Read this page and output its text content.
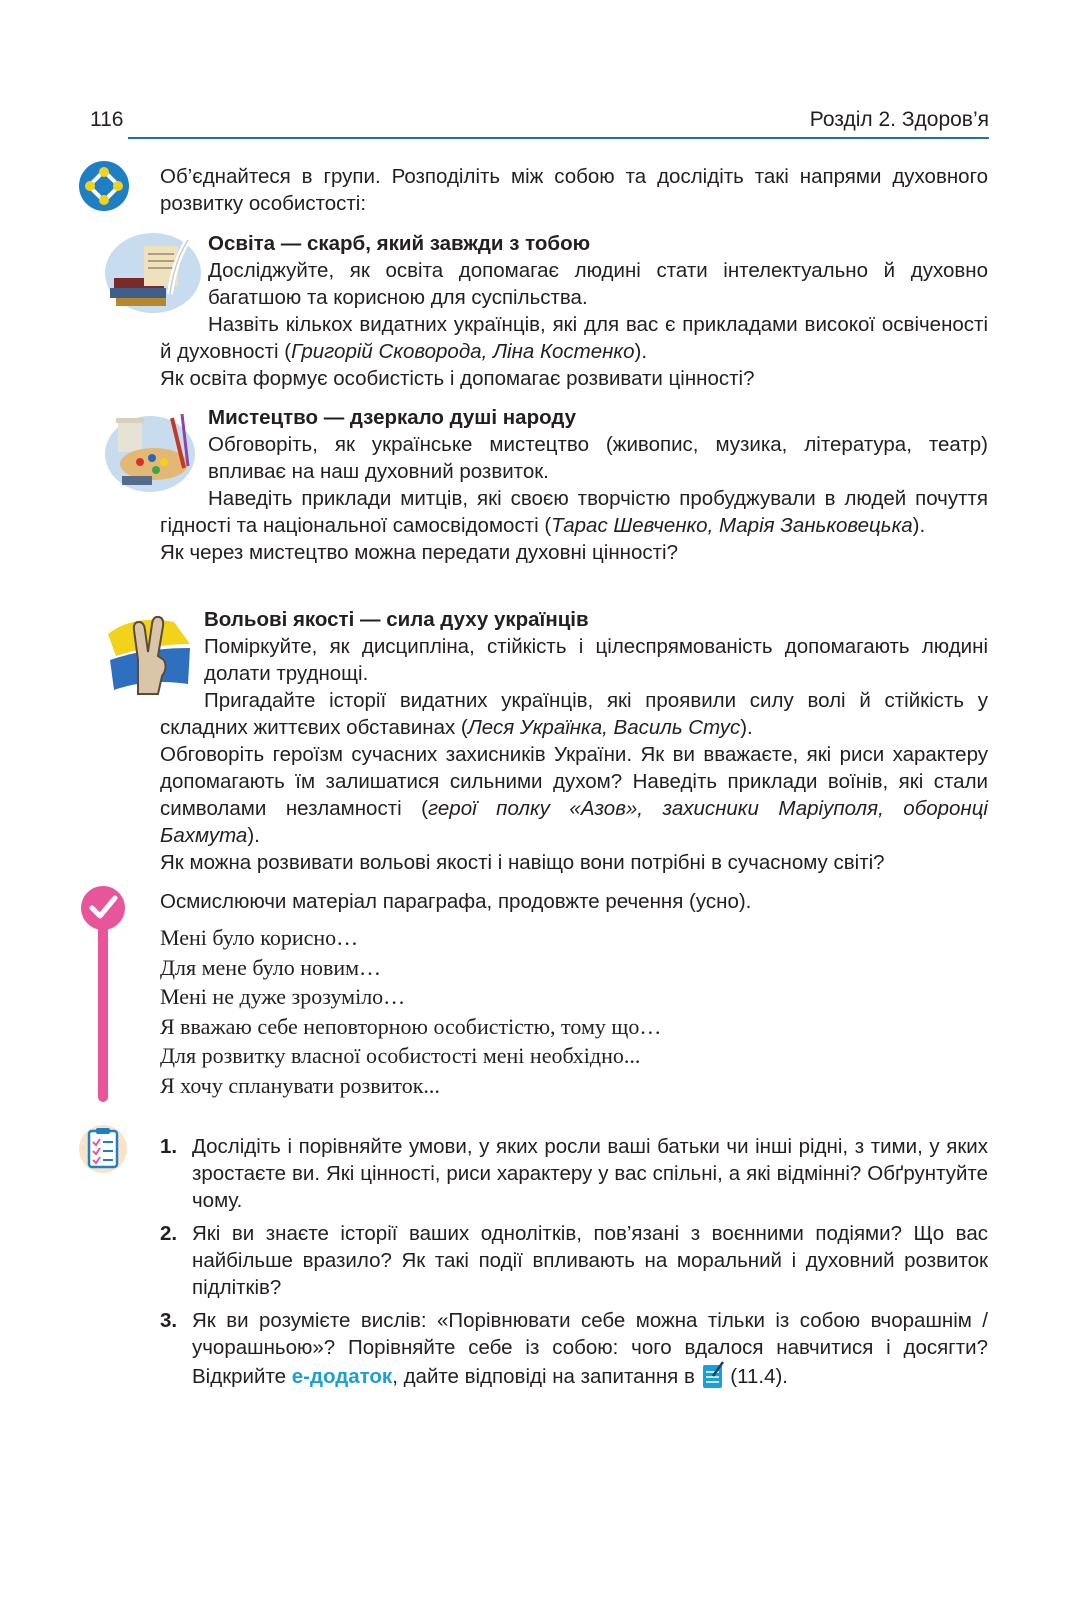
116	Розділ 2. Здоров’я
Об’єднайтеся в групи. Розподіліть між собою та дослідіть такі напрями духовного розвитку особистості:

Освіта — скарб, який завжди з тобою

Досліджуйте, як освіта допомагає людині стати інтелектуально й духовно багатшою та корисною для суспільства.

Назвіть кількох видатних українців, які для вас є прикладами високої освіченості й духовності (Григорій Сковорода, Ліна Костенко).

Як освіта формує особистість і допомагає розвивати цінності?

Мистецтво — дзеркало душі народу

Обговоріть, як українське мистецтво (живопис, музика, література, театр) впливає на наш духовний розвиток.

Наведіть приклади митців, які своєю творчістю пробуджували в людей почуття гідності та національної самосвідомості (Тарас Шевченко, Марія Заньковецька).

Як через мистецтво можна передати духовні цінності?

Вольові якості — сила духу українців

Поміркуйте, як дисципліна, стійкість і цілеспрямованість допомагають людині долати труднощі.

Пригадайте історії видатних українців, які проявили силу волі й стійкість у складних життєвих обставинах (Леся Українка, Василь Стус).

Обговоріть героїзм сучасних захисників України. Як ви вважаєте, які риси характеру допомагають їм залишатися сильними духом? Наведіть приклади воїнів, які стали символами незламності (герої полку «Азов», захисники Маріуполя, оборонці Бахмута).

Як можна розвивати вольові якості і навіщо вони потрібні в сучасному світі?

Осмислюючи матеріал параграфа, продовжте речення (усно).
Мені було корисно…
Для мене було новим…
Мені не дуже зрозуміло…
Я вважаю себе неповторною особистістю, тому що…
Для розвитку власної особистості мені необхідно...
Я хочу спланувати розвиток...
1. Дослідіть і порівняйте умови, у яких росли ваші батьки чи інші рідні, з тими, у яких зростаєте ви. Які цінності, риси характеру у вас спільні, а які відмінні? Обґрунтуйте чому.
2. Які ви знаєте історії ваших однолітків, пов’язані з воєнними подіями? Що вас найбільше вразило? Як такі події впливають на моральний і духовний розвиток підлітків?
3. Як ви розумієте вислів: «Порівнювати себе можна тільки із собою вчорашнім / учорашньою»? Порівняйте себе із собою: чого вдалося навчитися і досягти? Відкрийте е-додаток, дайте відповіді на запитання в  (11.4).
